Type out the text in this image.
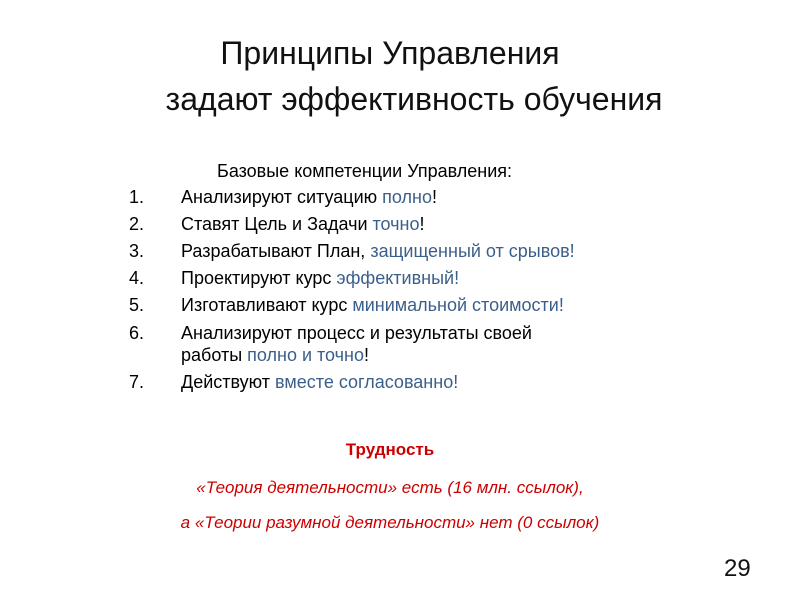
Принципы Управления
задают эффективность обучения
Базовые компетенции Управления:
1.	Анализируют ситуацию полно!
2.	Ставят Цель и Задачи точно!
3.	Разрабатывают План, защищенный от срывов!
4.	Проектируют курс эффективный!
5.	Изготавливают курс минимальной стоимости!
6.	Анализируют процесс и результаты своей
работы полно и точно!
7.	Действуют вместе согласованно!
Трудность
«Теория деятельности» есть (16 млн. ссылок),
а «Теории разумной деятельности» нет (0 ссылок)
29
